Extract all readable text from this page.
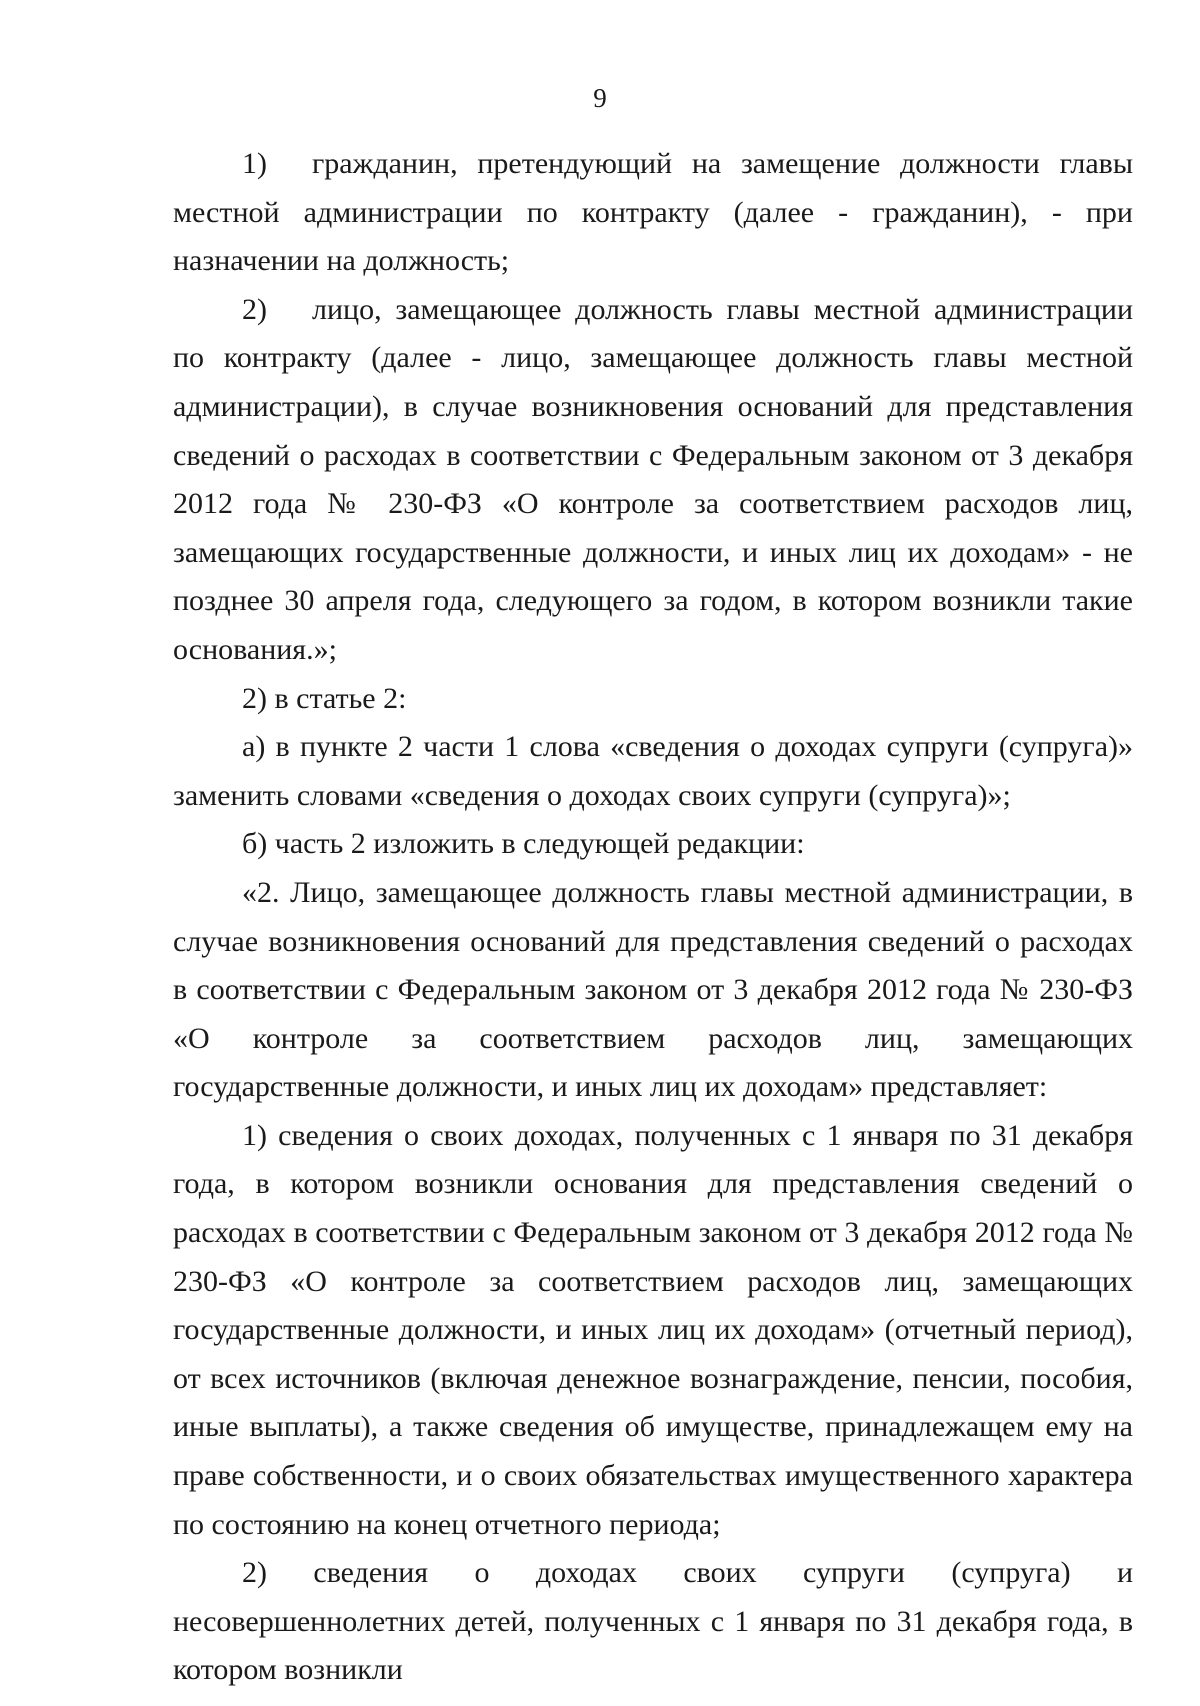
9

1)  гражданин, претендующий на замещение должности главы местной администрации по контракту (далее - гражданин), - при назначении на должность;

2)  лицо, замещающее должность главы местной администрации по контракту (далее - лицо, замещающее должность главы местной администрации), в случае возникновения оснований для представления сведений о расходах в соответствии с Федеральным законом от 3 декабря 2012 года № 230-ФЗ «О контроле за соответствием расходов лиц, замещающих государственные должности, и иных лиц их доходам» - не позднее 30 апреля года, следующего за годом, в котором возникли такие основания.»;

2) в статье 2:

а) в пункте 2 части 1 слова «сведения о доходах супруги (супруга)» заменить словами «сведения о доходах своих супруги (супруга)»;

б) часть 2 изложить в следующей редакции:

«2. Лицо, замещающее должность главы местной администрации, в случае возникновения оснований для представления сведений о расходах в соответствии с Федеральным законом от 3 декабря 2012 года № 230-ФЗ «О контроле за соответствием расходов лиц, замещающих государственные должности, и иных лиц их доходам» представляет:

1) сведения о своих доходах, полученных с 1 января по 31 декабря года, в котором возникли основания для представления сведений о расходах в соответствии с Федеральным законом от 3 декабря 2012 года № 230-ФЗ «О контроле за соответствием расходов лиц, замещающих государственные должности, и иных лиц их доходам» (отчетный период), от всех источников (включая денежное вознаграждение, пенсии, пособия, иные выплаты), а также сведения об имуществе, принадлежащем ему на праве собственности, и о своих обязательствах имущественного характера по состоянию на конец отчетного периода;

2) сведения о доходах своих супруги (супруга) и несовершеннолетних детей, полученных с 1 января по 31 декабря года, в котором возникли
